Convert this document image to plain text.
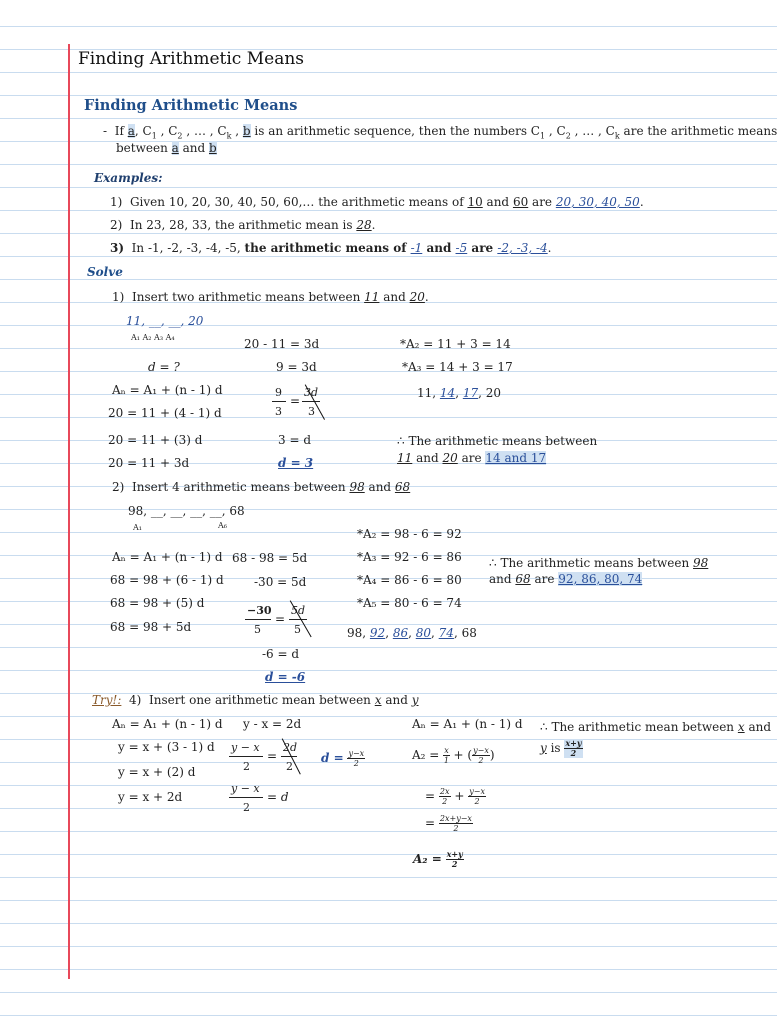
Finding Arithmetic Means
Finding Arithmetic Means
- If a, $C_1$ , $C_2$ , … , $C_k$ , b is an arithmetic sequence, then the numbers $C_1$ , $C_2$ , … , $C_k$ are the arithmetic means
between a and b
Examples:
1) Given 10, 20, 30, 40, 50, 60,… the arithmetic means of 10 and 60 are 20, 30, 40, 50.
2) In 23, 28, 33, the arithmetic mean is 28.
3) In -1, -2, -3, -4, -5, the arithmetic means of -1 and -5 are -2, -3, -4.
Solve
1) Insert two arithmetic means between 11 and 20.
11, __, __, 20
A₁ A₂ A₃ A₄
d = ?
Aₙ = A₁ + (n - 1) d
20 = 11 + (4 - 1) d
20 = 11 + (3) d
20 = 11 + 3d
20 - 11 = 3d
9 = 3d
9
3
=
3d
3
3 = d
d = 3
*A₂ = 11 + 3 = 14
*A₃ = 14 + 3 = 17
11, 14, 17, 20
∴ The arithmetic means between
11 and 20 are 14 and 17
2) Insert 4 arithmetic means between 98 and 68
98, __, __, __, __, 68
A₁	A₆
Aₙ = A₁ + (n - 1) d
68 = 98 + (6 - 1) d
68 = 98 + (5) d
68 = 98 + 5d
68 - 98 = 5d
-30 = 5d
−30
5
=
5d
5
-6 = d
d = -6
*A₂ = 98 - 6 = 92
*A₃ = 92 - 6 = 86
*A₄ = 86 - 6 = 80
*A₅ = 80 - 6 = 74
98, 92, 86, 80, 74, 68
∴ The arithmetic means between 98
and 68 are 92, 86, 80, 74
Try!: 4) Insert one arithmetic mean between x and y
Aₙ = A₁ + (n - 1) d
y = x + (3 - 1) d
y = x + (2) d
y = x + 2d
y - x = 2d
y − x
2
=
2d
2
y − x
2
= d
$d = \frac{y-x}{2}$
Aₙ = A₁ + (n - 1) d
$A_2 = \frac{x}{1}$ + ( $\frac{y-x}{2}$ )
= $\frac{2x}{2} + \frac{y-x}{2}$
= $\frac{2x+y-x}{2}$
$A_2 = \frac{x+y}{2}$
∴ The arithmetic mean between x and
y is $\frac{x+y}{2}$
